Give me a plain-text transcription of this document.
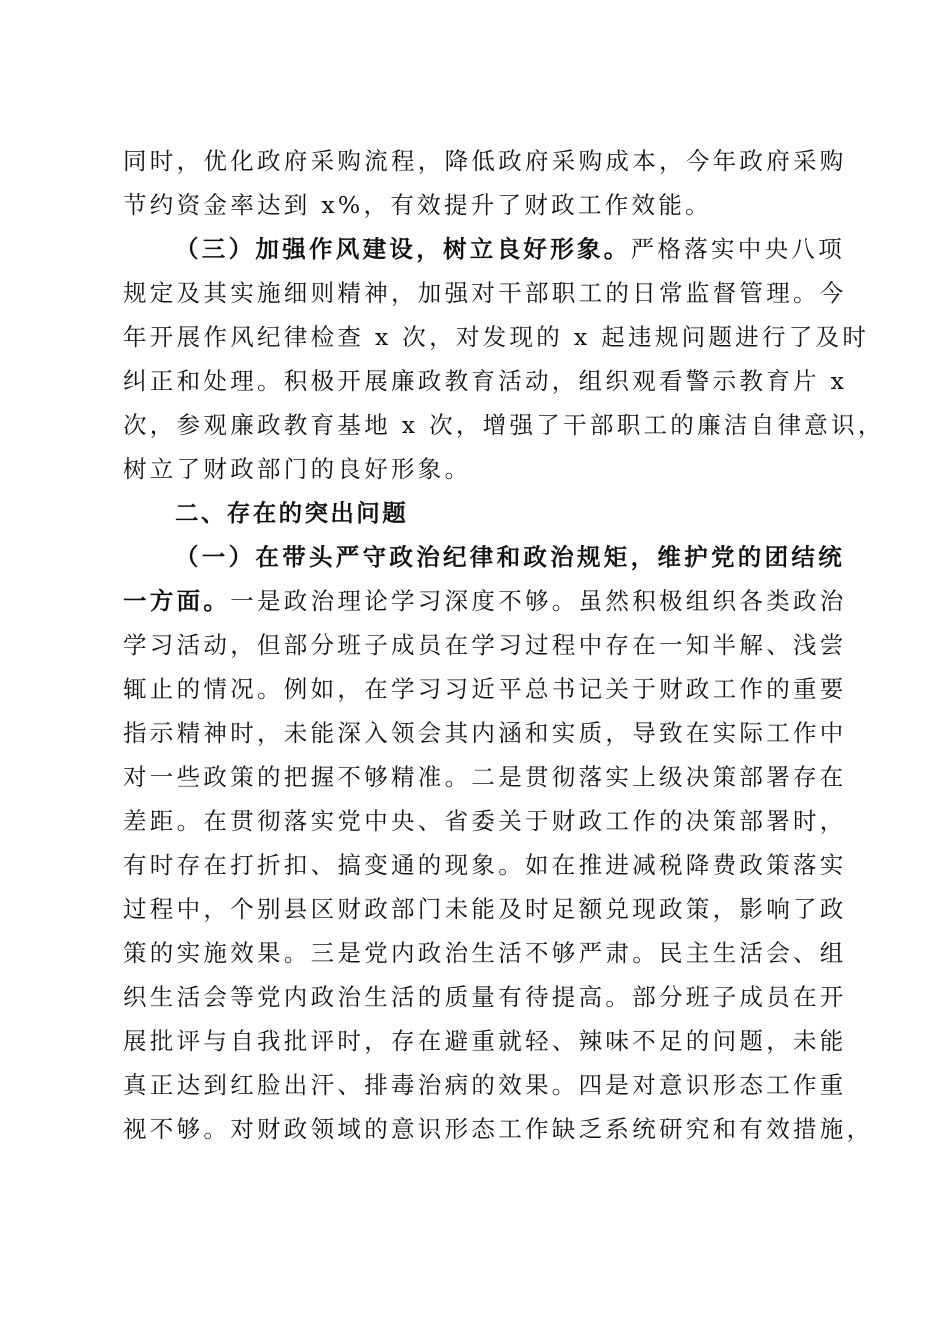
同时，优化政府采购流程，降低政府采购成本，今年政府采购
节约资金率达到 x%，有效提升了财政工作效能。

（三）加强作风建设，树立良好形象。严格落实中央八项
规定及其实施细则精神，加强对干部职工的日常监督管理。今
年开展作风纪律检查 x 次，对发现的 x 起违规问题进行了及时
纠正和处理。积极开展廉政教育活动，组织观看警示教育片 x
次，参观廉政教育基地 x 次，增强了干部职工的廉洁自律意识，
树立了财政部门的良好形象。

二、存在的突出问题

（一）在带头严守政治纪律和政治规矩，维护党的团结统
一方面。一是政治理论学习深度不够。虽然积极组织各类政治
学习活动，但部分班子成员在学习过程中存在一知半解、浅尝
辄止的情况。例如，在学习习近平总书记关于财政工作的重要
指示精神时，未能深入领会其内涵和实质，导致在实际工作中
对一些政策的把握不够精准。二是贯彻落实上级决策部署存在
差距。在贯彻落实党中央、省委关于财政工作的决策部署时，
有时存在打折扣、搞变通的现象。如在推进减税降费政策落实
过程中，个别县区财政部门未能及时足额兑现政策，影响了政
策的实施效果。三是党内政治生活不够严肃。民主生活会、组
织生活会等党内政治生活的质量有待提高。部分班子成员在开
展批评与自我批评时，存在避重就轻、辣味不足的问题，未能
真正达到红脸出汗、排毒治病的效果。四是对意识形态工作重
视不够。对财政领域的意识形态工作缺乏系统研究和有效措施，
